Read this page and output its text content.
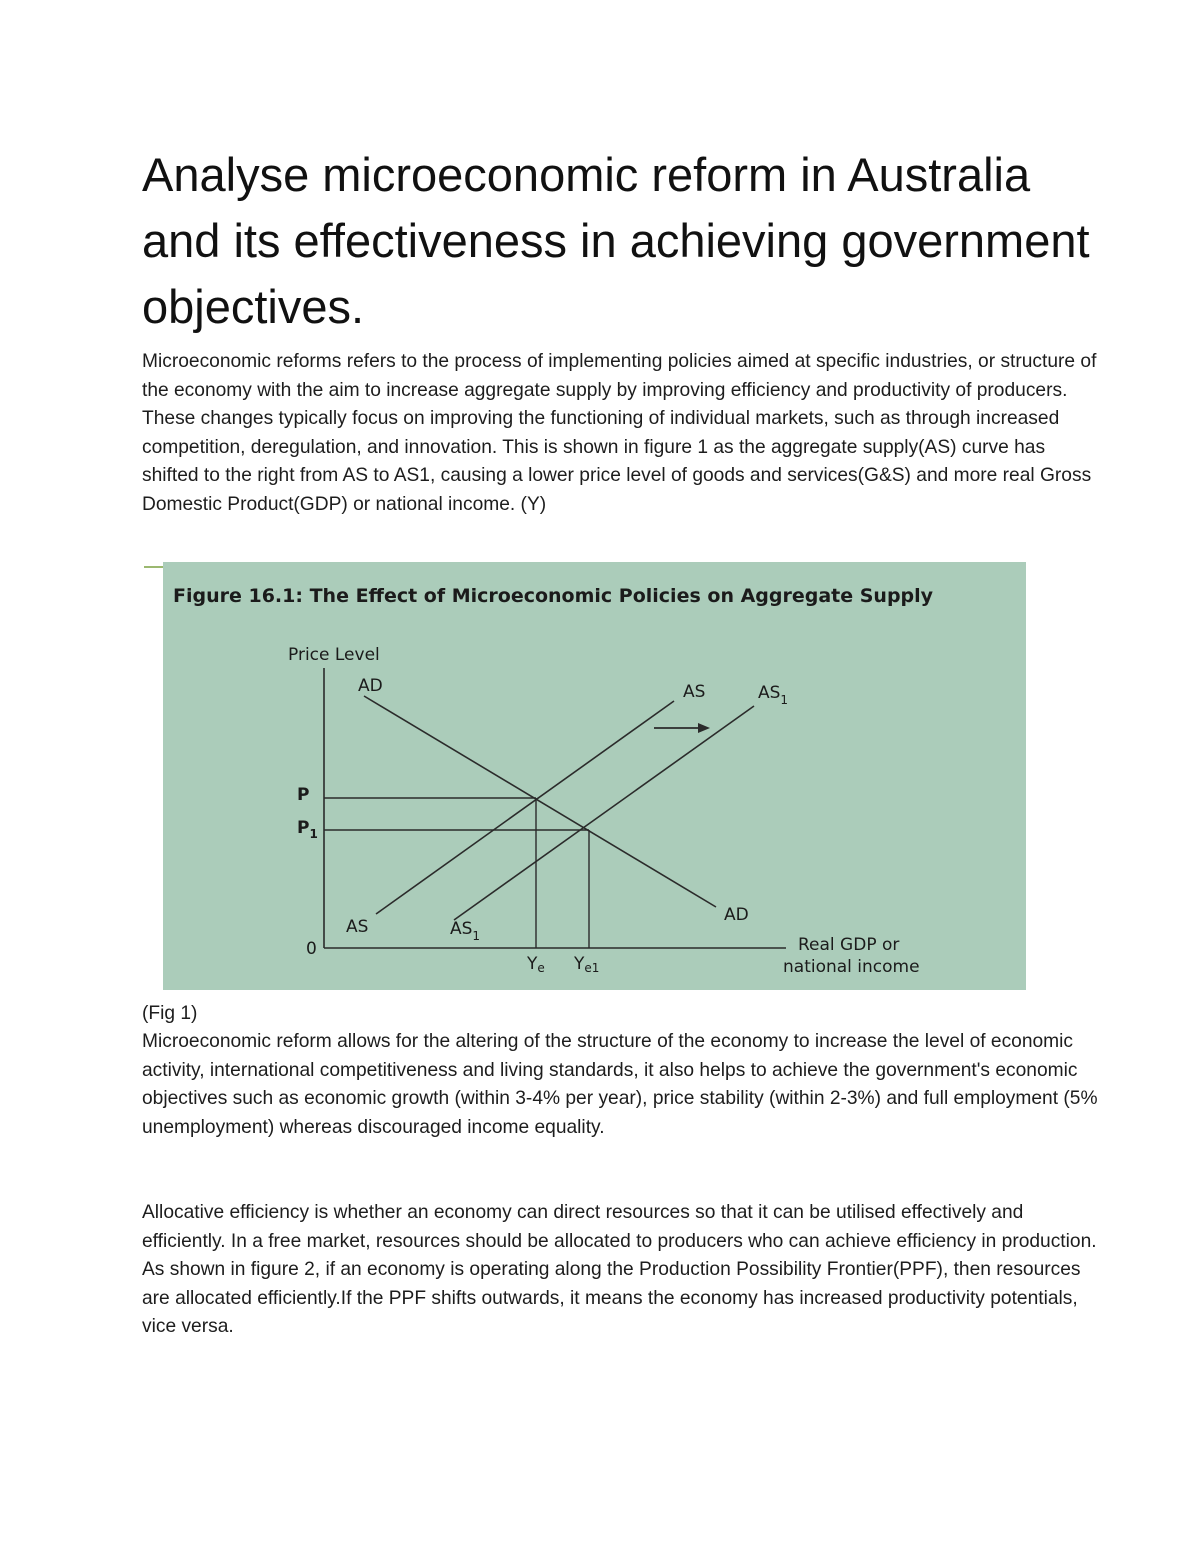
Analyse microeconomic reform in Australia and its effectiveness in achieving government objectives.

Microeconomic reforms refers to the process of implementing policies aimed at specific industries, or structure of the economy with the aim to increase aggregate supply by improving efficiency and productivity of producers. These changes typically focus on improving the functioning of individual markets, such as through increased competition, deregulation, and innovation. This is shown in figure 1 as the aggregate supply(AS) curve has shifted to the right from AS to AS1, causing a lower price level of goods and services(G&S) and more real Gross Domestic Product(GDP) or national income. (Y)

Figure 16.1: The Effect of Microeconomic Policies on Aggregate Supply
Price Level
0	Real GDP or
national income
AD
AD
AS
AS
$AS_1$
$AS_1$
P
$P_1$
Ye Ye1

(Fig 1)

Microeconomic reform allows for the altering of the structure of the economy to increase the level of economic activity, international competitiveness and living standards, it also helps to achieve the government's economic objectives such as economic growth (within 3-4% per year), price stability (within 2-3%) and full employment (5% unemployment) whereas discouraged income equality.

Allocative efficiency is whether an economy can direct resources so that it can be utilised effectively and efficiently. In a free market, resources should be allocated to producers who can achieve efficiency in production. As shown in figure 2, if an economy is operating along the Production Possibility Frontier(PPF), then resources are allocated efficiently.If the PPF shifts outwards, it means the economy has increased productivity potentials, vice versa.
